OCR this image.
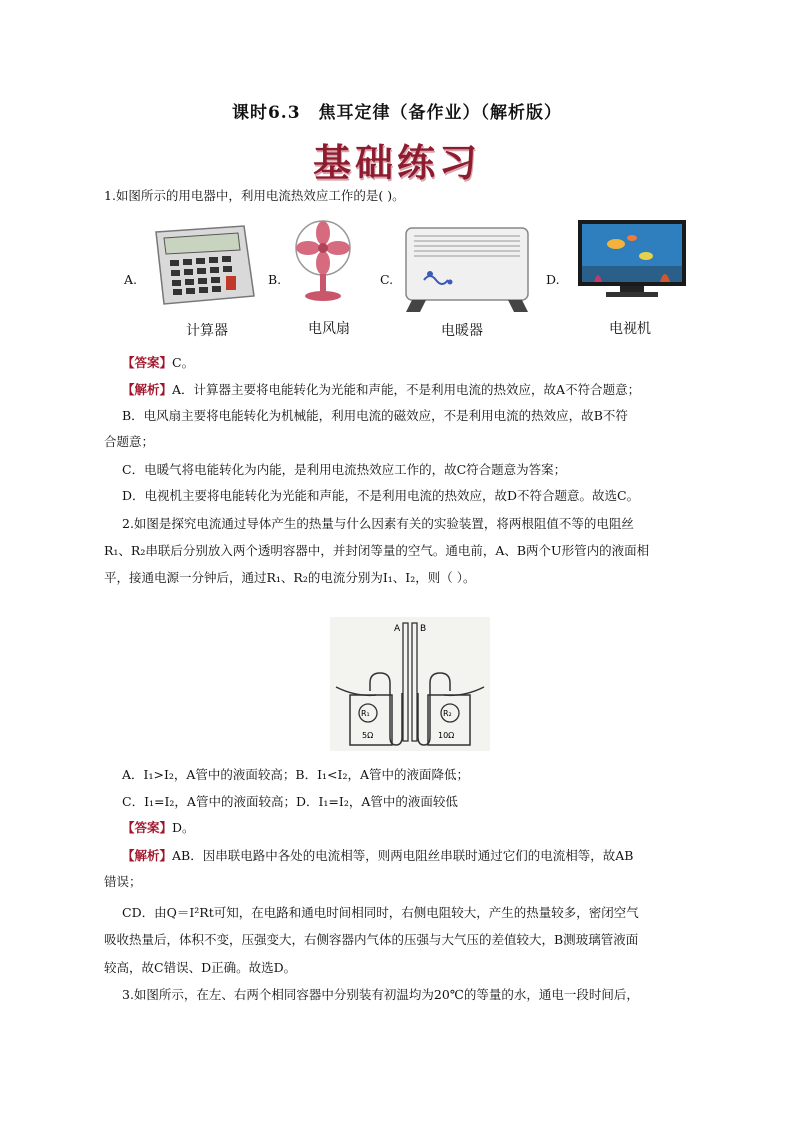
课时6.3　焦耳定律（备作业）（解析版）
基础练习
1.如图所示的用电器中，利用电流热效应工作的是( )。
A.
计算器
B.
电风扇
C.
电暖器
D.
电视机
【答案】C。
【解析】A．计算器主要将电能转化为光能和声能，不是利用电流的热效应，故A不符合题意；
B．电风扇主要将电能转化为机械能，利用电流的磁效应，不是利用电流的热效应，故B不符
合题意；
C．电暖气将电能转化为内能，是利用电流热效应工作的，故C符合题意为答案；
D．电视机主要将电能转化为光能和声能，不是利用电流的热效应，故D不符合题意。故选C。
2.如图是探究电流通过导体产生的热量与什么因素有关的实验装置，将两根阻值不等的电阻丝
R₁、R₂串联后分别放入两个透明容器中，并封闭等量的空气。通电前，A、B两个U形管内的液面相
平，接通电源一分钟后，通过R₁、R₂的电流分别为I₁、I₂，则（ ）。
A B
R₁	R₂
5Ω	10Ω
A．I₁>I₂，A管中的液面较高；B．I₁<I₂，A管中的液面降低；
C．I₁=I₂，A管中的液面较高；D．I₁=I₂，A管中的液面较低
【答案】D。
【解析】AB．因串联电路中各处的电流相等，则两电阻丝串联时通过它们的电流相等，故AB
错误；
CD．由Q＝I²Rt可知，在电路和通电时间相同时，右侧电阻较大，产生的热量较多，密闭空气
吸收热量后，体积不变，压强变大，右侧容器内气体的压强与大气压的差值较大，B测玻璃管液面
较高，故C错误、D正确。故选D。
3.如图所示，在左、右两个相同容器中分别装有初温均为20℃的等量的水，通电一段时间后，
